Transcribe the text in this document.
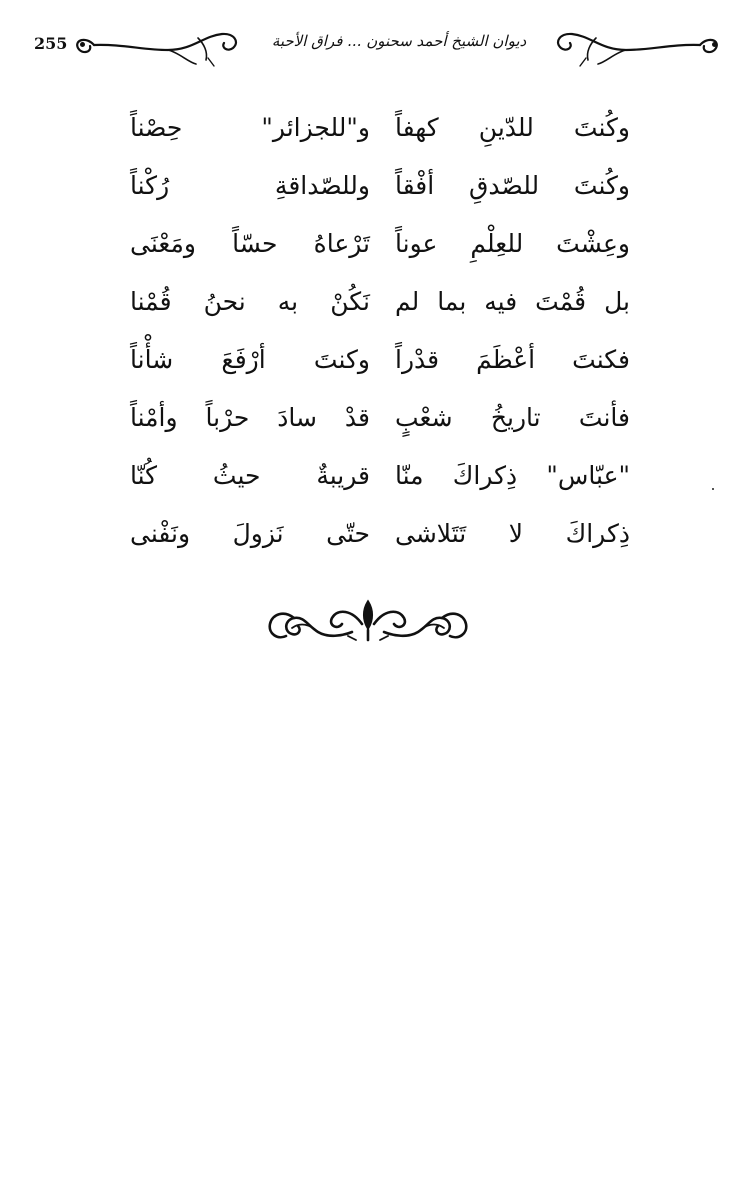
255	ديوان الشيخ أحمد سحنون ... فراق الأحبة
وكُنتَ للدّينِ كهفاً
و"للجزائر" حِصْناً
وكُنتَ للصّدقِ أفْقاً
وللصّداقةِ رُكْناً
وعِشْتَ للعِلْمِ عوناً
تَرْعاهُ حسّاً ومَعْنَى
بل قُمْتَ فيه بما لم
نَكُنْ به نحنُ قُمْنا
فكنتَ أعْظَمَ قدْراً
وكنتَ أرْفَعَ شأْناً
فأنتَ تاريخُ شعْبٍ
قدْ سادَ حرْباً وأمْناً
"عبّاس" ذِكراكَ منّا
قريبةٌ حيثُ كُنّا
ذِكراكَ لا تَتَلاشى
حتّى نَزولَ ونَفْنى
